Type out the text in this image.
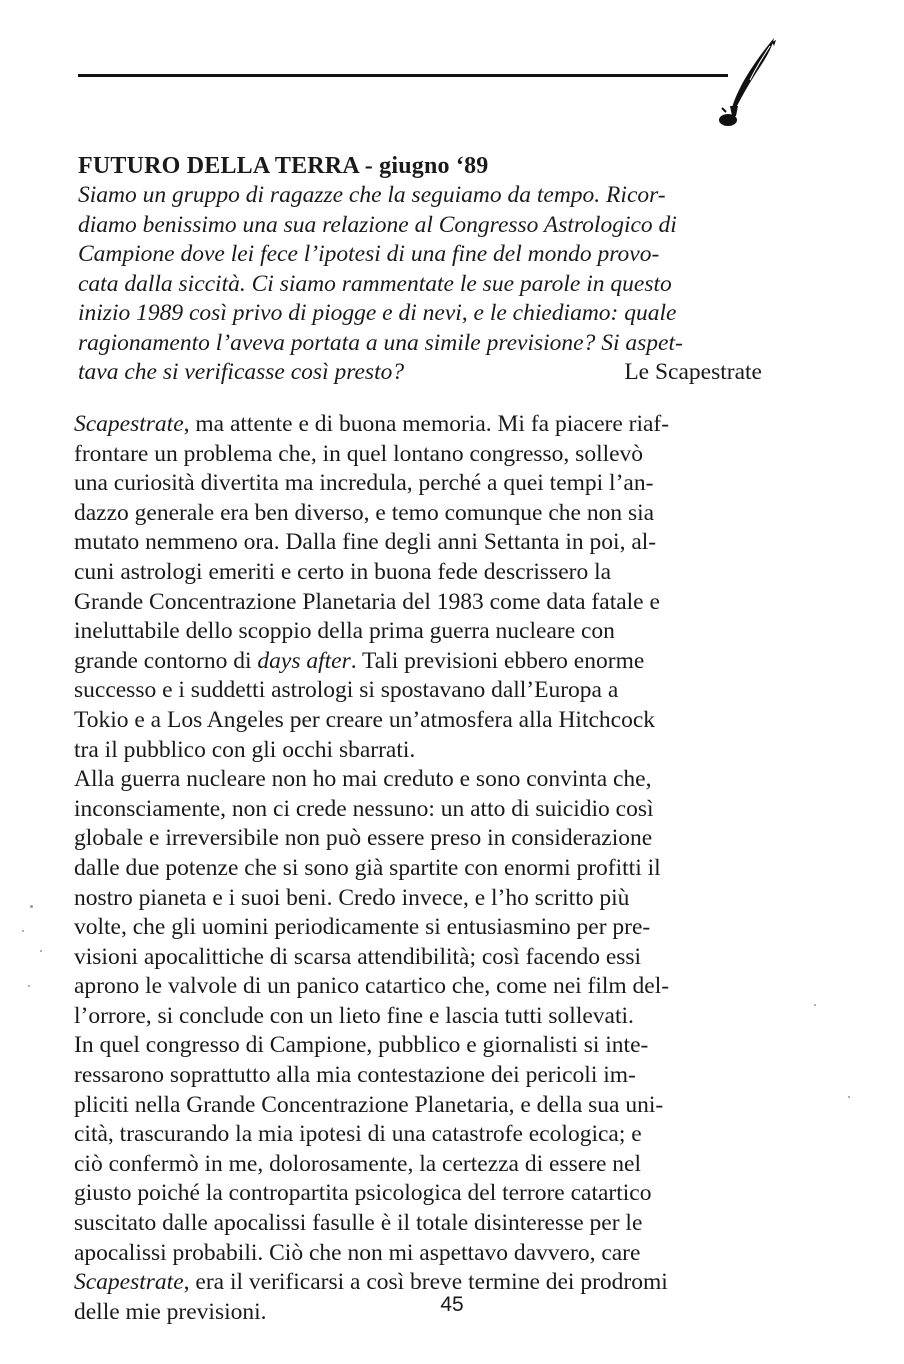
FUTURO DELLA TERRA - giugno ‘89
Siamo un gruppo di ragazze che la seguiamo da tempo. Ricor-
diamo benissimo una sua relazione al Congresso Astrologico di
Campione dove lei fece l’ipotesi di una fine del mondo provo-
cata dalla siccità. Ci siamo rammentate le sue parole in questo
inizio 1989 così privo di piogge e di nevi, e le chiediamo: quale
ragionamento l’aveva portata a una simile previsione? Si aspet-
tava che si verificasse così presto?	Le Scapestrate
Scapestrate, ma attente e di buona memoria. Mi fa piacere riaf-
frontare un problema che, in quel lontano congresso, sollevò
una curiosità divertita ma incredula, perché a quei tempi l’an-
dazzo generale era ben diverso, e temo comunque che non sia
mutato nemmeno ora. Dalla fine degli anni Settanta in poi, al-
cuni astrologi emeriti e certo in buona fede descrissero la
Grande Concentrazione Planetaria del 1983 come data fatale e
ineluttabile dello scoppio della prima guerra nucleare con
grande contorno di days after. Tali previsioni ebbero enorme
successo e i suddetti astrologi si spostavano dall’Europa a
Tokio e a Los Angeles per creare un’atmosfera alla Hitchcock
tra il pubblico con gli occhi sbarrati.
Alla guerra nucleare non ho mai creduto e sono convinta che,
inconsciamente, non ci crede nessuno: un atto di suicidio così
globale e irreversibile non può essere preso in considerazione
dalle due potenze che si sono già spartite con enormi profitti il
nostro pianeta e i suoi beni. Credo invece, e l’ho scritto più
volte, che gli uomini periodicamente si entusiasmino per pre-
visioni apocalittiche di scarsa attendibilità; così facendo essi
aprono le valvole di un panico catartico che, come nei film del-
l’orrore, si conclude con un lieto fine e lascia tutti sollevati.
In quel congresso di Campione, pubblico e giornalisti si inte-
ressarono soprattutto alla mia contestazione dei pericoli im-
pliciti nella Grande Concentrazione Planetaria, e della sua uni-
cità, trascurando la mia ipotesi di una catastrofe ecologica; e
ciò confermò in me, dolorosamente, la certezza di essere nel
giusto poiché la contropartita psicologica del terrore catartico
suscitato dalle apocalissi fasulle è il totale disinteresse per le
apocalissi probabili. Ciò che non mi aspettavo davvero, care
Scapestrate, era il verificarsi a così breve termine dei prodromi
delle mie previsioni.	45
